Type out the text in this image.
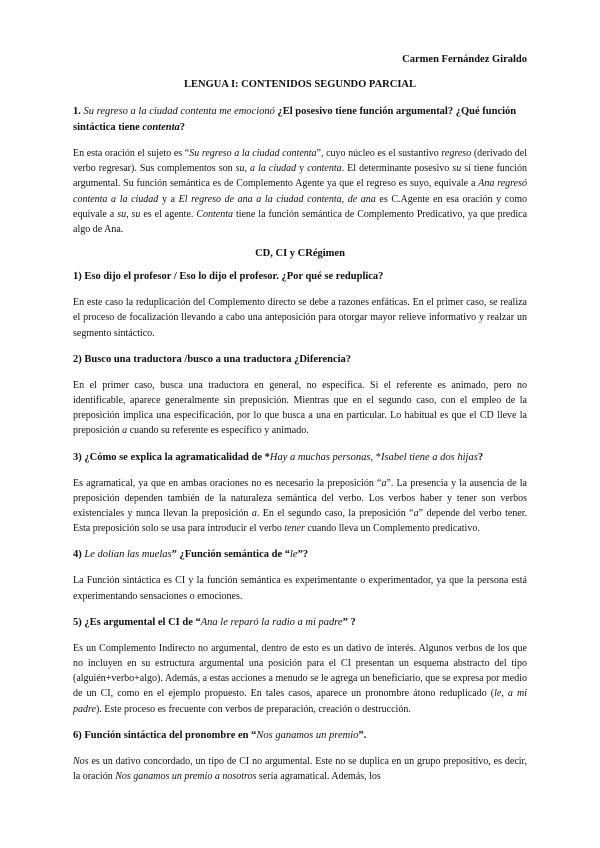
Carmen Fernández Giraldo
LENGUA I: CONTENIDOS SEGUNDO PARCIAL
1. Su regreso a la ciudad contenta me emocionó ¿El posesivo tiene función argumental? ¿Qué función sintáctica tiene contenta?
En esta oración el sujeto es “Su regreso a la ciudad contenta”, cuyo núcleo es el sustantivo regreso (derivado del verbo regresar). Sus complementos son su, a la ciudad y contenta. El determinante posesivo su sí tiene función argumental. Su función semántica es de Complemento Agente ya que el regreso es suyo, equivale a Ana regresó contenta a la ciudad y a El regreso de ana a la ciudad contenta, de ana es C.Agente en esa oración y como equivale a su, su es el agente. Contenta tiene la función semántica de Complemento Predicativo, ya que predica algo de Ana.
CD, CI y CRégimen
1) Eso dijo el profesor / Eso lo dijo el profesor. ¿Por qué se reduplica?
En este caso la reduplicación del Complemento directo se debe a razones enfáticas. En el primer caso, se realiza el proceso de focalización llevando a cabo una anteposición para otorgar mayor relieve informativo y realzar un segmento sintáctico.
2) Busco una traductora /busco a una traductora ¿Diferencia?
En el primer caso, busca una traductora en general, no específica. Si el referente es animado, pero no identificable, aparece generalmente sin preposición. Mientras que en el segundo caso, con el empleo de la preposición implica una especificación, por lo que busca a una en particular. Lo habitual es que el CD lleve la preposición a cuando su referente es específico y animado.
3) ¿Cómo se explica la agramaticalidad de *Hay a muchas personas, *Isabel tiene a dos hijas?
Es agramatical, ya que en ambas oraciones no es necesario la preposición “a”. La presencia y la ausencia de la preposición dependen también de la naturaleza semántica del verbo. Los verbos haber y tener son verbos existenciales y nunca llevan la preposición a. En el segundo caso, la preposición “a” depende del verbo tener. Esta preposición solo se usa para introducir el verbo tener cuando lleva un Complemento predicativo.
4) Le dolían las muelas” ¿Función semántica de “le”?
La Función sintáctica es CI y la función semántica es experimentante o experimentador, ya que la persona está experimentando sensaciones o emociones.
5) ¿Es argumental el CI de “Ana le reparó la radio a mi padre” ?
Es un Complemento Indirecto no argumental, dentro de esto es un dativo de interés. Algunos verbos de los que no incluyen en su estructura argumental una posición para el CI presentan un esquema abstracto del tipo (alguién+verbo+algo). Además, a estas acciones a menudo se le agrega un beneficiario, que se expresa por medio de un CI, como en el ejemplo propuesto. En tales casos, aparece un pronombre átono reduplicado (le, a mi padre). Este proceso es frecuente con verbos de preparación, creación o destrucción.
6) Función sintáctica del pronombre en “Nos ganamos un premio”.
Nos es un dativo concordado, un tipo de CI no argumental. Este no se duplica en un grupo prepositivo, es decir, la oración Nos ganamos un premio a nosotros sería agramatical. Además, los
